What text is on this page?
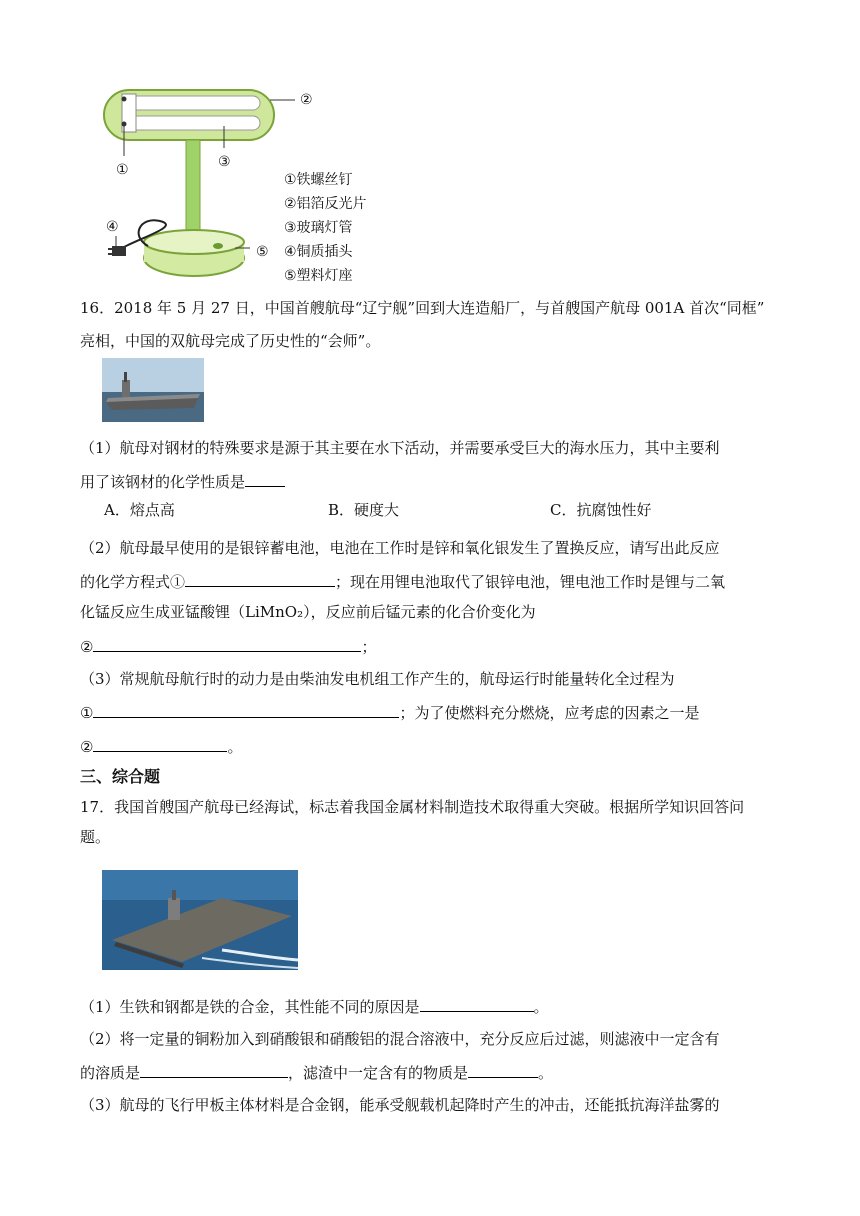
②
③
①
④
⑤
①铁螺丝钉
②铝箔反光片
③玻璃灯管
④铜质插头
⑤塑料灯座
16．2018 年 5 月 27 日，中国首艘航母“辽宁舰”回到大连造船厂，与首艘国产航母 001A 首次“同框”
亮相，中国的双航母完成了历史性的“会师”。
（1）航母对钢材的特殊要求是源于其主要在水下活动，并需要承受巨大的海水压力，其中主要利
用了该钢材的化学性质是
A．熔点高	B．硬度大	C．抗腐蚀性好
（2）航母最早使用的是银锌蓄电池，电池在工作时是锌和氧化银发生了置换反应，请写出此反应
的化学方程式①	；现在用锂电池取代了银锌电池，锂电池工作时是锂与二氧
化锰反应生成亚锰酸锂（LiMnO₂），反应前后锰元素的化合价变化为
②	；
（3）常规航母航行时的动力是由柴油发电机组工作产生的，航母运行时能量转化全过程为
①	；为了使燃料充分燃烧，应考虑的因素之一是
②	。
三、综合题
17．我国首艘国产航母已经海试，标志着我国金属材料制造技术取得重大突破。根据所学知识回答问
题。
（1）生铁和钢都是铁的合金，其性能不同的原因是	。
（2）将一定量的铜粉加入到硝酸银和硝酸铝的混合溶液中，充分反应后过滤，则滤液中一定含有
的溶质是	，滤渣中一定含有的物质是	。
（3）航母的飞行甲板主体材料是合金钢，能承受舰载机起降时产生的冲击，还能抵抗海洋盐雾的
